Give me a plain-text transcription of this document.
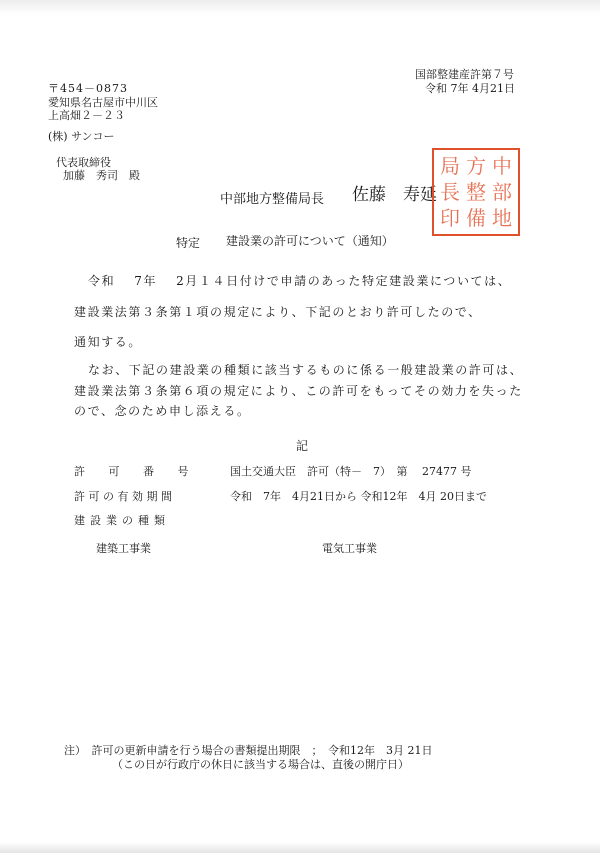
国部整建産許第７号
令和 7年 4月21日
〒454－0873
愛知県名古屋市中川区
上高畑２－２３
(株) サンコー
代表取締役
加藤　秀司　殿
中部地方整備局長 佐藤　寿延
中
部
地
方
整
備
局
長
印
特定 建設業の許可について（通知）
令和　 7年　 2月１４日付けで申請のあった特定建設業については、
建設業法第３条第１項の規定により、下記のとおり許可したので、
通知する。
なお、下記の建設業の種類に該当するものに係る一般建設業の許可は、
建設業法第３条第６項の規定により、この許可をもってその効力を失った
ので、念のため申し添える。
記
許　　可　　番　　号	国土交通大臣　許可（特－　7）　第　 27477 号
許可の有効期間	令和　7年　4月21日から 令和12年　4月 20日まで
建設業の種類
建築工事業	電気工事業
注）　許可の更新申請を行う場合の書類提出期限　；　令和12年　3月 21日
（この日が行政庁の休日に該当する場合は、直後の開庁日）
